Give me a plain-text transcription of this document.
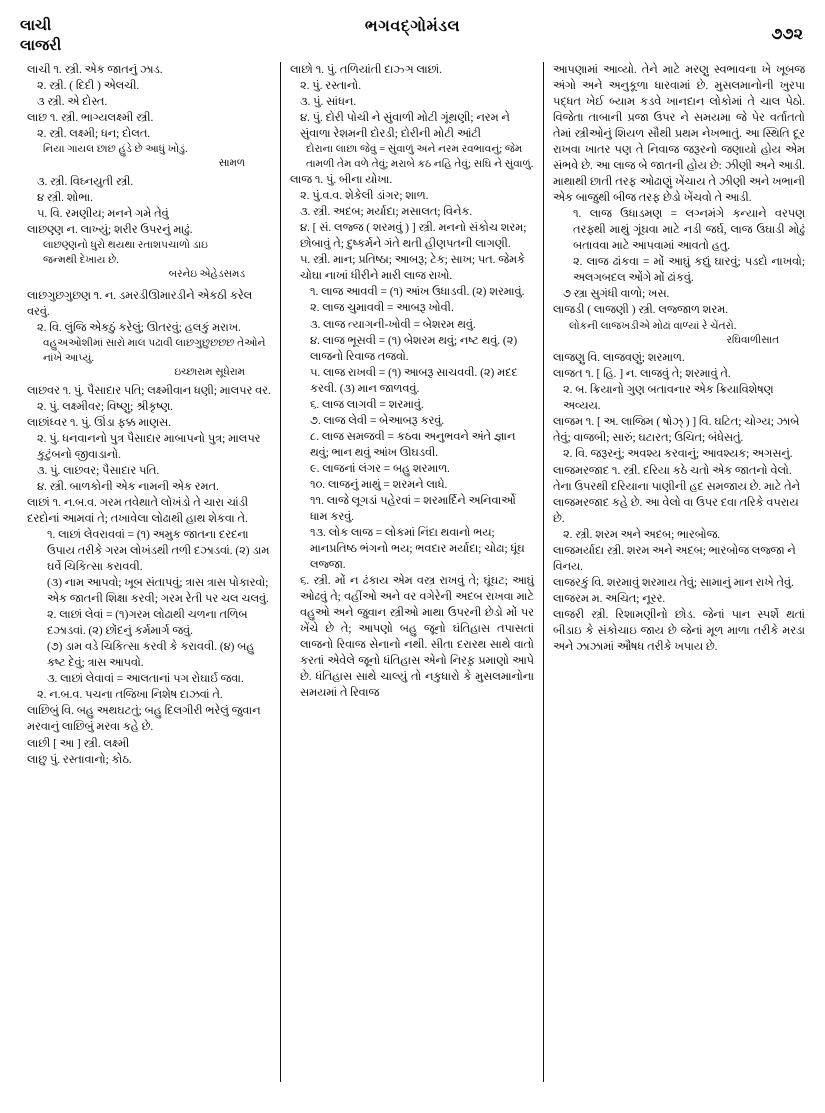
લાચી
લાજરી
ભગવદ્ગોમંડલ	૭૭૨

લાચી ૧. સ્ત્રી. એક જાતનું ઝાડ.

૨. સ્ત્રી. ( દિદી ) એલચી.

૩ સ્ત્રી. એ દોસ્ત.

લાછ ૧. સ્ત્રી. ભાગ્યલક્ષ્મી સ્ત્રી.

૨. સ્ત્રી. લક્ષ્મી; ધન; દોલત.

નિયા ગાયલ છાછ હુંડે છે આધું ખોડું.

સામળ

૩. સ્ત્રી. વિઘ્નયુતી સ્ત્રી.

૪ સ્ત્રી. શોભા.

૫. વિ. રમણીય; મનને ગમે તેવું

લાછણ્ણ ન. લાખ્યું; શરીર ઉપરનું માઢું.

લાછણ્ણનો ધુરો થયથા રતાશપચાળો ડાઇ

જન્મથી દેખાય છે.

બરનેઇ એહેડસમડ

લાછગુછગુછણ ૧. ન. ડમરડીઊમારડીને એકઠી કરેલ વરવું.

૨. વિ. લુંજિ એકઠું કરેલું; ઊતરવું; હલકું મરાખ.

વહુઅઓશીમાં સારો માલ પઢાવી લાછગુછુછછ્છ તેઓને નાંખે આપ્યું.

ઇચ્છારામ સૂધેરામ

લાછવર ૧. પું. પૈસાદાર પતિ; લક્ષ્મીવાન ધણી; માલપર વર.

૨. પું. લક્ષ્મીવર; વિષ્ણુ; શ્રીકૃષ્ણ.

લાછાંધ્વર ૧. પું. ઊંડા ફક્ક માણસ.

૨. પું. ધનવાનનો પુત્ર પૈસાદાર માબાપનો પુત્ર; માલપર કુટુંબનો જીવાડાનો.

૩. પું. લાછવર; પૈસાદાર પતિ.

૪. સ્ત્રી. બાળકોની એક નામની એક રમત.

લાછાં ૧. ન.બ.વ. ગરમ તવેથાતે લોખંડો તે ચારા ચાંડી દરદોનાં આમવાં તે; તખાવેલા લોઢાથી હાથ શેકવા તે.

૧. લાછાં લેવરાવવાં = (૧) અમુક જાતના દરદના ઉપાય તરીકે ગરમ લોખંડથી તળી દઝાડવાં. (૨) ડામ ઘર્વે ચિકિત્સા કરાવવી.

(૩) નામ આપવો; ખૂબ સંતાપવું; ત્રાસ ત્રાસ પોકારવો; એક જાતની શિક્ષા કરવી; ગરમ રેતી પર ચલ ચલવું.

૨. લાછાં લેવાં = (૧)ગરમ લોઢાથી ચળના તળિબ દઝાડવાં. (૨) છોંદનું કર્મમાર્ગ જવું.

(૭) ડામ વડે ચિકિત્સા કરવી કે કરાવવી. (૪) બહુ કષ્ટ દેવું; ત્રાસ આપવો.

૩. લાછાં લેવાવાં = આલતાનાં પગ રોઘાર્ઇ જવા.

૨. ન.બ.વ. પચના તજિખા નિશેષ દાઝવાં તે.

લાછિબું વિ. બહુ અથઘટતું; બહુ દિલગીરી ભરેલું જુવાન મરવાનું લાછિબું મરવા કહે છે.

લાછી [ આ ] સ્ત્રી. લક્ષ્મી

લાછુ પું. રસ્તાવાનો; કોઠ.

લાછો ૧. પું. તળિયાંતી દાઝ્ઞ લાછાં.

૨. પું. રસ્તાનો.

૩. પું. સાંધન.

૪. પું. દોરી પોચી ને સુંવાળી મોટી ગૂંથણી; નરમ ને સુંવાળા રેશમની દોરડી; દોરીની મોટી આંટી

દોરાના લાછા જેવું = સુંવાળું અને નરમ રવભાવનું; જેમ તામળી તેમ વળે તેવું; મરાબે કઠ નહિ તેવું; સઘિ ને સુંવાળું.

લાજ ૧. પું. બીના યોખા.

૨. પું.વ.વ. શેકેલી ડાંગર; શાળ.

૩. સ્ત્રી. અદબ; મર્યાદા; મસાલત; વિનેક.

૪. [ સં. લજ્જ ( શરમવું ) ] સ્ત્રી. મનનો સંકોચ શરમ; છોબાવું તે; દુષ્કર્મને ગંતે થતી હીણપતની લાગણી.

૫. સ્ત્રી. માન; પ્રતિષ્ઠા; આબરૂ; ટેક; સાખ; પત. જેમકે ચોઘા નાખાં ધીરીને મારી લાજ રાખો.

૧. લાજ આવવી = (૧) આંખ ઉધાડવી. (૨) શરમાવું.

૨. લાજ ચુમાવવી = આબરૂ ખોવી.

૩. લાજ ત્યાગની-ખોવી = બેશરમ થવું.

૪. લાજ ભૂસવી = (૧) બેશરમ થવું; નષ્ટ થવું. (૨) લાજનો રિવાજ તજવો.

૫. લાજ રાખવી = (૧) આબરૂ સાચવવી. (૨) મદદ કરવી. (૩) માન જાળવવું.

૬. લાજ લાગવી = શરમાવું.

૭. લાજ લેવી = બેઆબરૂ કરવું.

૮. લાજ સમજવી = કઠવા અનુભવને અંતે જ્ઞાન થવું; ભાન થવું આંખ ઊઘડવી.

૯. લાજનાં લંગર = બહુ શરમાળ.

૧૦. લાજનું માથું = શરમને લાધે.

૧૧. લાજે લૂગડાં પહેરવાં = શરમાર્દિને અનિવાર્ઓ ધામ કરવું.

૧૩. લોક લાજ = લોકમાં નિંદા થવાનો ભય; માનપ્રતિષ્ઠ ભંગનો ભય; ભવદાર મર્યાદા; ચોઢા; ધૂંઘ લજ્જા.

૬. સ્ત્રી. મોં ન ઢંકાય એમ વસ્ત્ર રાખવું તે; ઘૂંઘટ; આઘું ઓઢવું તે; વહીંઓ અને વર વગેરેની અદબ રાખવા માટે વહુઓ અને જુવાન સ્ત્રીઓ માથા ઉપરની છેડો મોં પર ખેંચે છે તે; આપણો બહુ જૂનો ઘંતિહાસ તપાસતાં લાજનો રિવાજ સેનાનો નથી. સીતા દરારથ સાથે વાતો કરતાં એવેલે જૂનો ધંતિહાસ એનો નિરફ઼ પ્રમાણો આપે છે. ધંતિહાસ સાથે ચાલ્યું તો નકુધારો કે મુસલમાનોના સમયમાં તે રિવાજ

આપણામાં આવ્યો. તેને માટે મરણુ સ્વભાવના ખે ખૂબજ અંગો અને અનુકૂળા ધારવામાં છે. મુસલમાનોની ખુરપા પદ્ધત ખેઈ બ્યામ કડવે ખાનદાન લોકોમાં તે ચાલ પેઠો. વિજેતા તાબાની પ્રજા ઉપર ને સમયમા જે પેર વર્તાતતો તેમાં સ્ત્રીઓનું શિયળ સૌથી પ્રથમ નેખભાતું. આ સ્થિતિ દૂર રાખવા ખાતર પણ તે નિવાજ જરૂરનો જણાયો હોય એમ સંભવે છે. આ લાજ બે જાતની હોય છે: ઝીણી અને આડી. માથાથી છાતી તરફ ઓઢાણું ખેંચાય તે ઝીણી અને ખભાની એક બાજુથી બીજ તરફ છેડો ખેંચવો તે આડી.

૧. લાજ ઉધાડમણ = લગ્નમંગે કન્યાને વરપણ તરફ્થી માથું ગૂંઘવા માટે નડી જર્ઘ, લાજ ઉઘાડી મોઢું બતાવવા માટે આપવામાં આવતો હતુ.

૨. લાજ ઢાંકવા = મોં આઘું કદ્યું ઘારવું; પડદો નાખવો; અલગબદલ ઓંગે મોં ઢાંકવું.

૭ સ્ત્રા સુગંધી વાળો; ખસ.

લાજડી ( લાજણી ) સ્ત્રી. લજ્જાળ શરમ.

લોકની લાજખડીએ મોઢાં વાળ્યાં રે ચેંતરો.

રઘિવાળીસાત

લાજણુ વિ. લાજવણું; શરમાળ.

લાજત ૧. [ હિ. ] ન. લાજવું તે; શરમાવું તે.

૨. બ. ક્રિયાનો ગુણ બતાવનાર એક ક્રિયાવિશેષણ અવ્યય.

લાજમ ૧. [ અ. લાજિમ ( ષોઝ્ ) ] વિ. ઘટિત; ચોગ્ય; ઝાબે તેવું; વાજબી; સારું; ઘટારત; ઉચિત; બંધેસતું.

૨. વિ. જરૂરનું; અવશ્ય કરવાનું; આવશ્યક; અગસનું.

લાજમરજાદ ૧. સ્ત્રી. દરિયા કઠે ચતો એક જાતનો વેલો. તેના ઉપરથી દરિયાના પાણીની હદ સમજાય છે. માટે તેને લાજમરજાદ કહે છે. આ વેલો વા ઉપર દવા તરિકે વપરાય છે.

૨. સ્ત્રી. શરમ અને અદબ; ભારબોજ.

લાજમર્યાદા સ્ત્રી. શરમ અને અદબ; ભારબોજ લજ્જા ને વિનય.

લાજરકું વિ. શરમાવું શરમાય તેવું; સામાનું માન રાખે તેવું.

લાજરમ મ. અચિત; નૂરર.

લાજરી સ્ત્રી. રિશામણીનો છોડ. જેનાં પાન સ્પર્શે થતાં બીડાઇ કે સંકોચાઇ જાય છે જેનાં મૂળ માળા તરીકે મરડા અને ઝાઝામાં ઔષધ તરીકે ખપાય છે.
